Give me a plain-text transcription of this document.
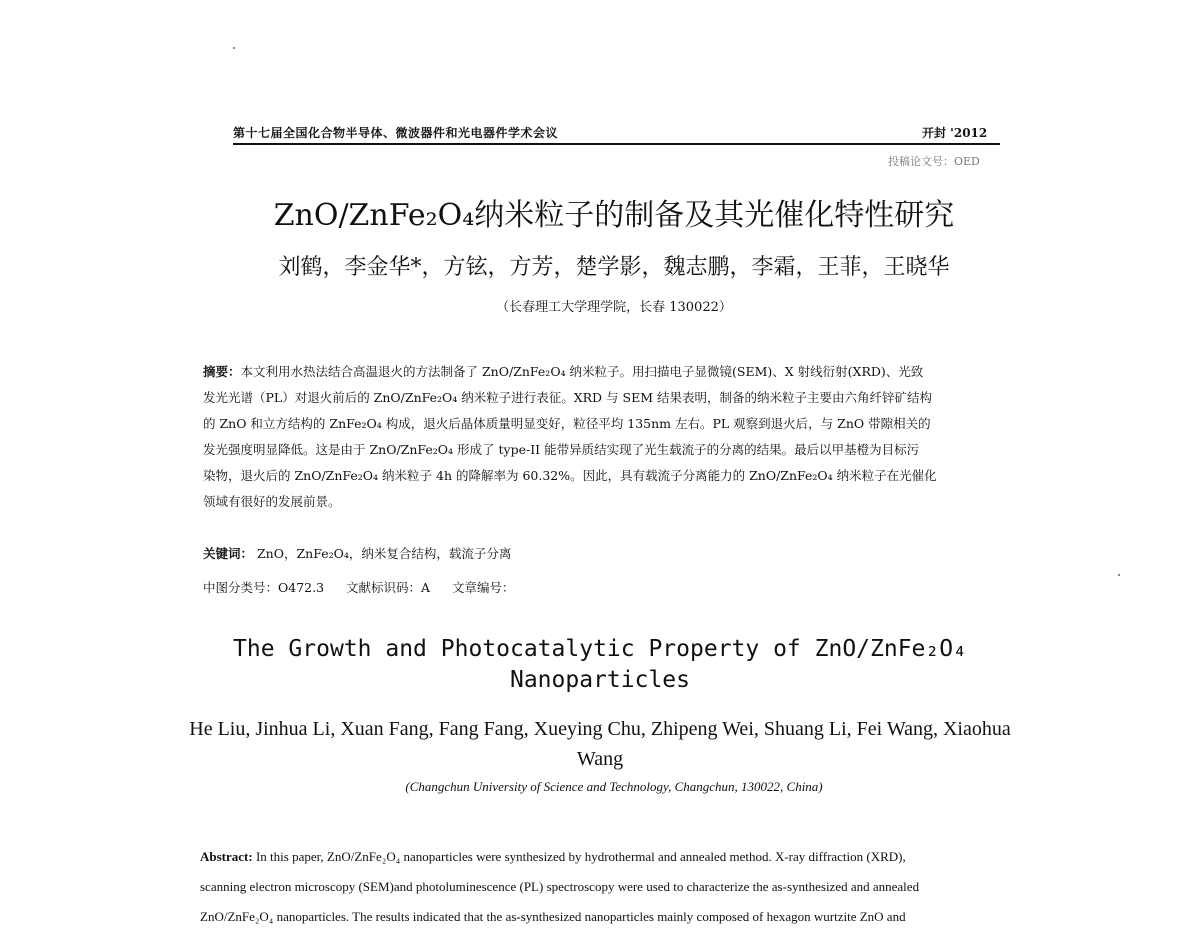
第十七届全国化合物半导体、微波器件和光电器件学术会议	开封 '2012
投稿论文号：OED
ZnO/ZnFe₂O₄纳米粒子的制备及其光催化特性研究
刘鹤，李金华*，方铉，方芳，楚学影，魏志鹏，李霜，王菲，王晓华
（长春理工大学理学院，长春 130022）
摘要：本文利用水热法结合高温退火的方法制备了 ZnO/ZnFe₂O₄ 纳米粒子。用扫描电子显微镜(SEM)、X 射线衍射(XRD)、光致
发光光谱（PL）对退火前后的 ZnO/ZnFe₂O₄ 纳米粒子进行表征。XRD 与 SEM 结果表明，制备的纳米粒子主要由六角纤锌矿结构
的 ZnO 和立方结构的 ZnFe₂O₄ 构成，退火后晶体质量明显变好，粒径平均 135nm 左右。PL 观察到退火后，与 ZnO 带隙相关的
发光强度明显降低。这是由于 ZnO/ZnFe₂O₄ 形成了 type-II 能带异质结实现了光生载流子的分离的结果。最后以甲基橙为目标污
染物，退火后的 ZnO/ZnFe₂O₄ 纳米粒子 4h 的降解率为 60.32%。因此，具有载流子分离能力的 ZnO/ZnFe₂O₄ 纳米粒子在光催化
领域有很好的发展前景。
关键词： ZnO，ZnFe₂O₄，纳米复合结构，载流子分离
中图分类号：O472.3 文献标识码：A 文章编号：
The Growth and Photocatalytic Property of ZnO/ZnFe₂O₄
Nanoparticles
He Liu, Jinhua Li, Xuan Fang, Fang Fang, Xueying Chu, Zhipeng Wei, Shuang Li, Fei Wang, Xiaohua Wang
(Changchun University of Science and Technology, Changchun, 130022, China)
Abstract: In this paper, ZnO/ZnFe₂O₄ nanoparticles were synthesized by hydrothermal and annealed method. X-ray diffraction (XRD),
scanning electron microscopy (SEM)and photoluminescence (PL) spectroscopy were used to characterize the as-synthesized and annealed
ZnO/ZnFe₂O₄ nanoparticles. The results indicated that the as-synthesized nanoparticles mainly composed of hexagon wurtzite ZnO and
